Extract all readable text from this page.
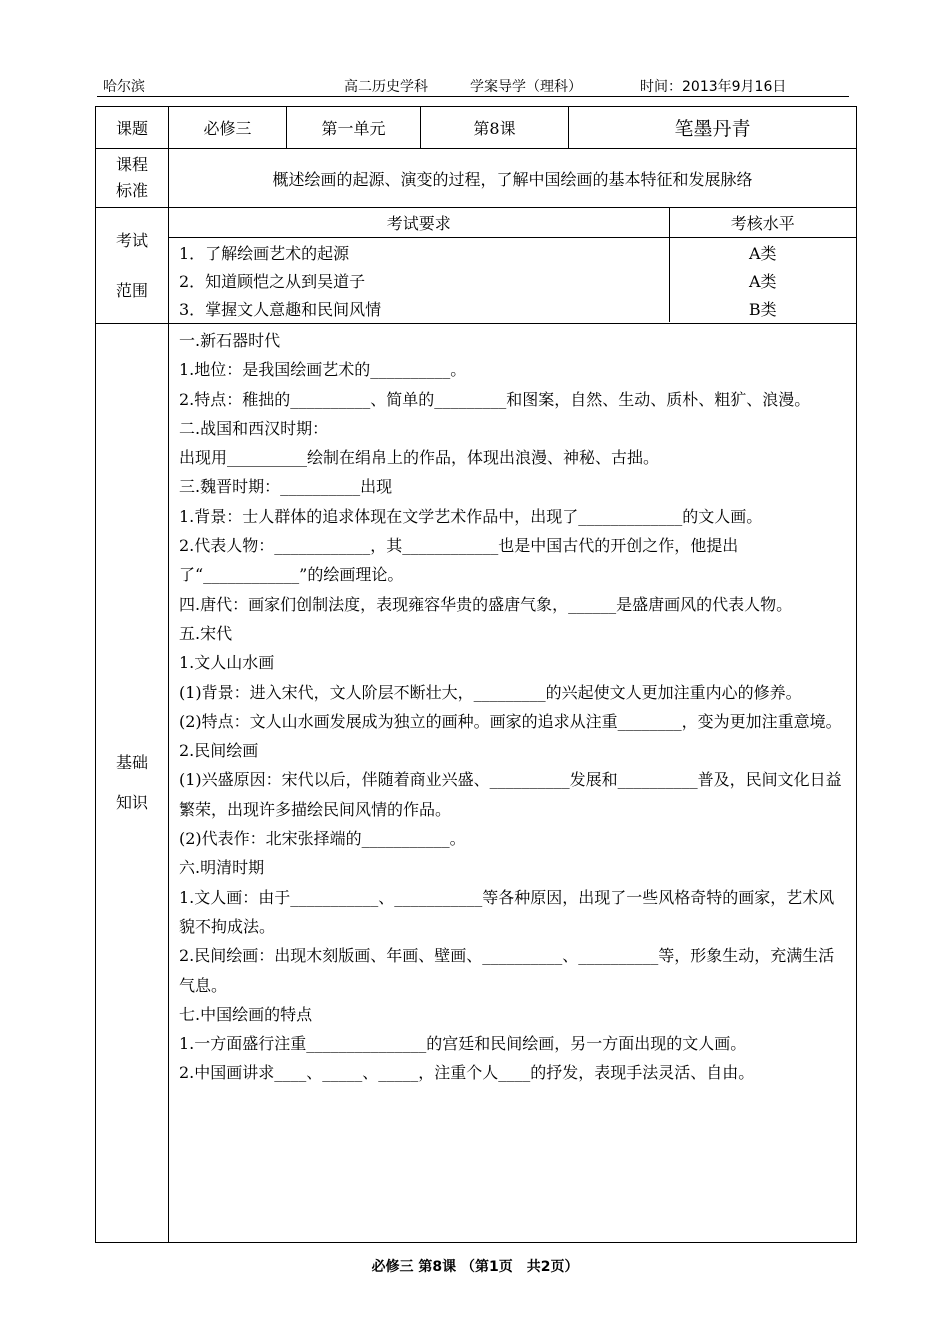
哈尔滨	高二历史学科	学案导学（理科）	时间：2013年9月16日
课题	必修三	第一单元	第8课	笔墨丹青

课程
标准
	概述绘画的起源、演变的过程，了解中国绘画的基本特征和发展脉络

考试
范围

考试要求	考核水平
1．了解绘画艺术的起源	A类
2．知道顾恺之从到吴道子	A类
3．掌握文人意趣和民间风情	B类

基础
知识

一.新石器时代

1.地位：是我国绘画艺术的__________。

2.特点：稚拙的__________、简单的_________和图案，自然、生动、质朴、粗犷、浪漫。

二.战国和西汉时期：

出现用__________绘制在绢帛上的作品，体现出浪漫、神秘、古拙。

三.魏晋时期：__________出现

1.背景：士人群体的追求体现在文学艺术作品中，出现了_____________的文人画。

2.代表人物：____________，其____________也是中国古代的开创之作，他提出了“____________”的绘画理论。

四.唐代：画家们创制法度，表现雍容华贵的盛唐气象，______是盛唐画风的代表人物。

五.宋代

1.文人山水画

(1)背景：进入宋代，文人阶层不断壮大，_________的兴起使文人更加注重内心的修养。

(2)特点：文人山水画发展成为独立的画种。画家的追求从注重________，变为更加注重意境。

2.民间绘画

(1)兴盛原因：宋代以后，伴随着商业兴盛、__________发展和__________普及，民间文化日益繁荣，出现许多描绘民间风情的作品。

(2)代表作：北宋张择端的___________。

六.明清时期

1.文人画：由于___________、___________等各种原因，出现了一些风格奇特的画家，艺术风貌不拘成法。

2.民间绘画：出现木刻版画、年画、壁画、__________、__________等，形象生动，充满生活气息。

七.中国绘画的特点

1.一方面盛行注重_______________的宫廷和民间绘画，另一方面出现的文人画。

2.中国画讲求____、_____、_____，注重个人____的抒发，表现手法灵活、自由。

必修三 第8课 （第1页　共2页）
